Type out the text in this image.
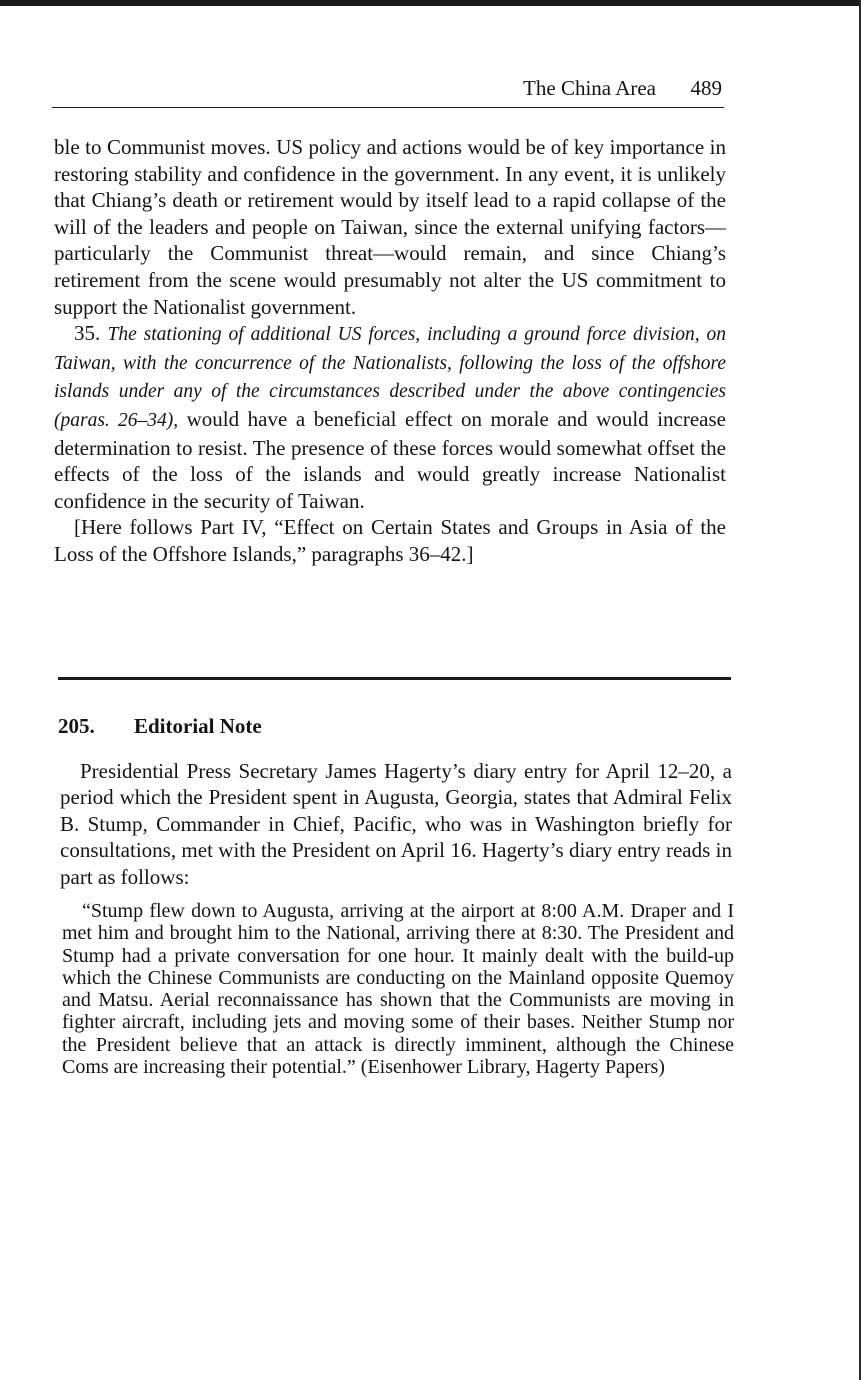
The China Area 489

ble to Communist moves. US policy and actions would be of key importance in restoring stability and confidence in the government. In any event, it is unlikely that Chiang’s death or retirement would by itself lead to a rapid collapse of the will of the leaders and people on Taiwan, since the external unifying factors—particularly the Communist threat—would remain, and since Chiang’s retirement from the scene would presumably not alter the US commitment to support the Nationalist government.

35. The stationing of additional US forces, including a ground force division, on Taiwan, with the concurrence of the Nationalists, following the loss of the offshore islands under any of the circumstances described under the above contingencies (paras. 26–34), would have a beneficial effect on morale and would increase determination to resist. The presence of these forces would somewhat offset the effects of the loss of the islands and would greatly increase Nationalist confidence in the security of Taiwan.

[Here follows Part IV, “Effect on Certain States and Groups in Asia of the Loss of the Offshore Islands,” paragraphs 36–42.]

205. Editorial Note

Presidential Press Secretary James Hagerty’s diary entry for April 12–20, a period which the President spent in Augusta, Georgia, states that Admiral Felix B. Stump, Commander in Chief, Pacific, who was in Washington briefly for consultations, met with the President on April 16. Hagerty’s diary entry reads in part as follows:

“Stump flew down to Augusta, arriving at the airport at 8:00 A.M. Draper and I met him and brought him to the National, arriving there at 8:30. The President and Stump had a private conversation for one hour. It mainly dealt with the build-up which the Chinese Communists are conducting on the Mainland opposite Quemoy and Matsu. Aerial reconnaissance has shown that the Communists are moving in fighter aircraft, including jets and moving some of their bases. Neither Stump nor the President believe that an attack is directly imminent, although the Chinese Coms are increasing their potential.” (Eisenhower Library, Hagerty Papers)
